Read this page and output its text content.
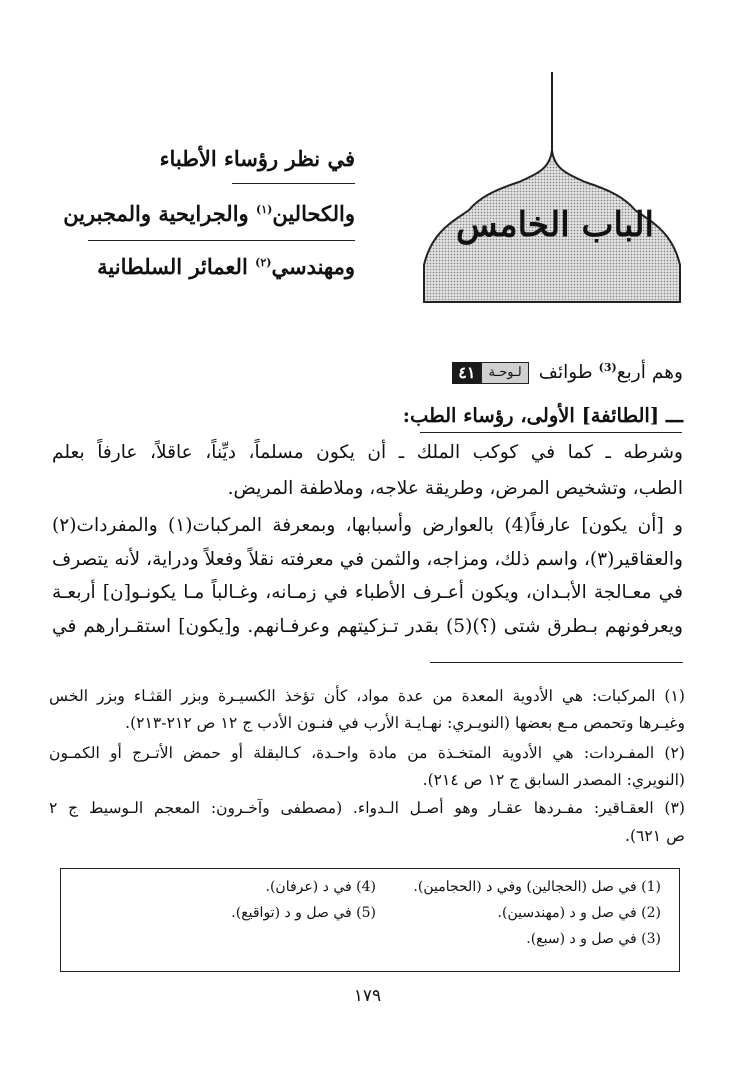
الباب الخامس
في نظر رؤساء الأطباء
والكحالين$^{(١)}$ والجرايحية والمجبرين
ومهندسي$^{(٢)}$ العمائر السلطانية
وهم أربع$^{(3)}$ طوائف لـوحـة٤١
ـــ [الطائفة] الأولى، رؤساء الطب:
وشرطه ـ كما في كوكب الملك ـ أن يكون مسلماً، ديِّناً، عاقلاً، عارفاً بعلم
الطب، وتشخيص المرض، وطريقة علاجه، وملاطفة المريض.
و [أن يكون] عارفاً(4) بالعوارض وأسبابها، وبمعرفة المركبات(١) والمفردات(٢)
والعقاقير(٣)، واسم ذلك، ومزاجه، والثمن في معرفته نقلاً وفعلاً ودراية، لأنه يتصرف
في معـالجة الأبـدان، ويكون أعـرف الأطباء في زمـانه، وغـالباً مـا يكونـو[ن] أربعـة
ويعرفونهم بـطرق شتى (؟)(5) بقدر تـزكيتهم وعرفـانهم. و[يكون] استقـرارهم في
(١) المركبات: هي الأدوية المعدة من عدة مواد، كأن تؤخذ الكسيـرة وبزر القثـاء وبزر الخس
وغيـرها وتحمص مـع بعضها (النويـري: نهـايـة الأرب في فنـون الأدب ج ١٢ ص ٢١٢-٢١٣).
(٢) المفـردات: هي الأدوية المتخـذة من مادة واحـدة، كـالبقلة أو حمض الأتـرج أو الكمـون
(النويري: المصدر السابق ج ١٢ ص ٢١٤).
(٣) العقـاقير: مفـردها عقـار وهو أصـل الـدواء. (مصطفى وآخـرون: المعجم الـوسيط ج ٢
ص ٦٢١).
(1) في صل (الحجالين) وفي د (الحجامين).
(2) في صل و د (مهندسين).
(3) في صل و د (سبع).
(4) في د (عرفان).
(5) في صل و د (تواقيع).
١٧٩
